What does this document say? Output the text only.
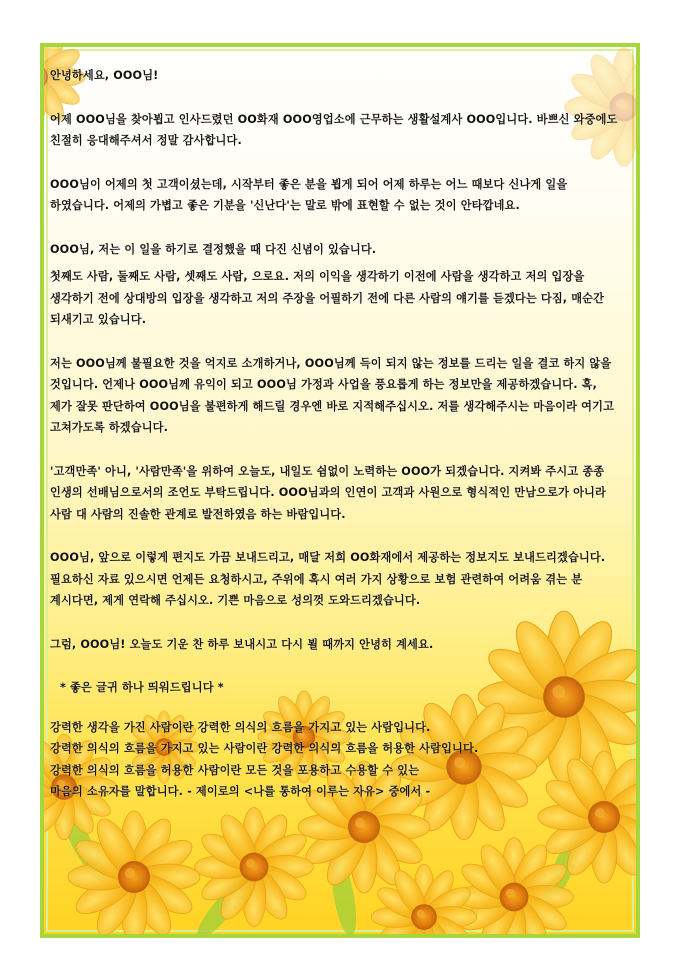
안녕하세요, OOO님!

어제 OOO님을 찾아뵙고 인사드렸던 OO화재 OOO영업소에 근무하는 생활설계사 OOO입니다. 바쁘신 와중에도 친절히 응대해주셔서 정말 감사합니다.

OOO님이 어제의 첫 고객이셨는데, 시작부터 좋은 분을 뵙게 되어 어제 하루는 어느 때보다 신나게 일을 하였습니다. 어제의 가볍고 좋은 기분을 '신난다'는 말로 밖에 표현할 수 없는 것이 안타깝네요.

OOO님, 저는 이 일을 하기로 결정했을 때 다진 신념이 있습니다.

첫째도 사람, 둘째도 사람, 셋째도 사람, 으로요. 저의 이익을 생각하기 이전에 사람을 생각하고 저의 입장을 생각하기 전에 상대방의 입장을 생각하고 저의 주장을 어필하기 전에 다른 사람의 얘기를 듣겠다는 다짐, 매순간 되새기고 있습니다.

저는 OOO님께 불필요한 것을 억지로 소개하거나, OOO님께 득이 되지 않는 정보를 드리는 일을 결코 하지 않을 것입니다. 언제나 OOO님께 유익이 되고 OOO님 가정과 사업을 풍요롭게 하는 정보만을 제공하겠습니다. 혹, 제가 잘못 판단하여 OOO님을 불편하게 해드릴 경우엔 바로 지적해주십시오. 저를 생각해주시는 마음이라 여기고 고쳐가도록 하겠습니다.

'고객만족' 아니, '사람만족'을 위하여 오늘도, 내일도 쉼없이 노력하는 OOO가 되겠습니다. 지켜봐 주시고 종종 인생의 선배님으로서의 조언도 부탁드립니다. OOO님과의 인연이 고객과 사원으로 형식적인 만남으로가 아니라 사람 대 사람의 진솔한 관계로 발전하였음 하는 바람입니다.

OOO님, 앞으로 이렇게 편지도 가끔 보내드리고, 매달 저희 OO화재에서 제공하는 정보지도 보내드리겠습니다. 필요하신 자료 있으시면 언제든 요청하시고, 주위에 혹시 여러 가지 상황으로 보험 관련하여 어려움 겪는 분 계시다면, 제게 연락해 주십시오. 기쁜 마음으로 성의껏 도와드리겠습니다.

그럼, OOO님! 오늘도 기운 찬 하루 보내시고 다시 뵐 때까지 안녕히 계세요.

* 좋은 글귀 하나 띄워드립니다 *

강력한 생각을 가진 사람이란 강력한 의식의 흐름을 가지고 있는 사람입니다.

강력한 의식의 흐름을 가지고 있는 사람이란 강력한 의식의 흐름을 허용한 사람입니다.

강력한 의식의 흐름을 허용한 사람이란 모든 것을 포용하고 수용할 수 있는

마음의 소유자를 말합니다. - 제이로의 <나를 통하여 이루는 자유> 중에서 -
